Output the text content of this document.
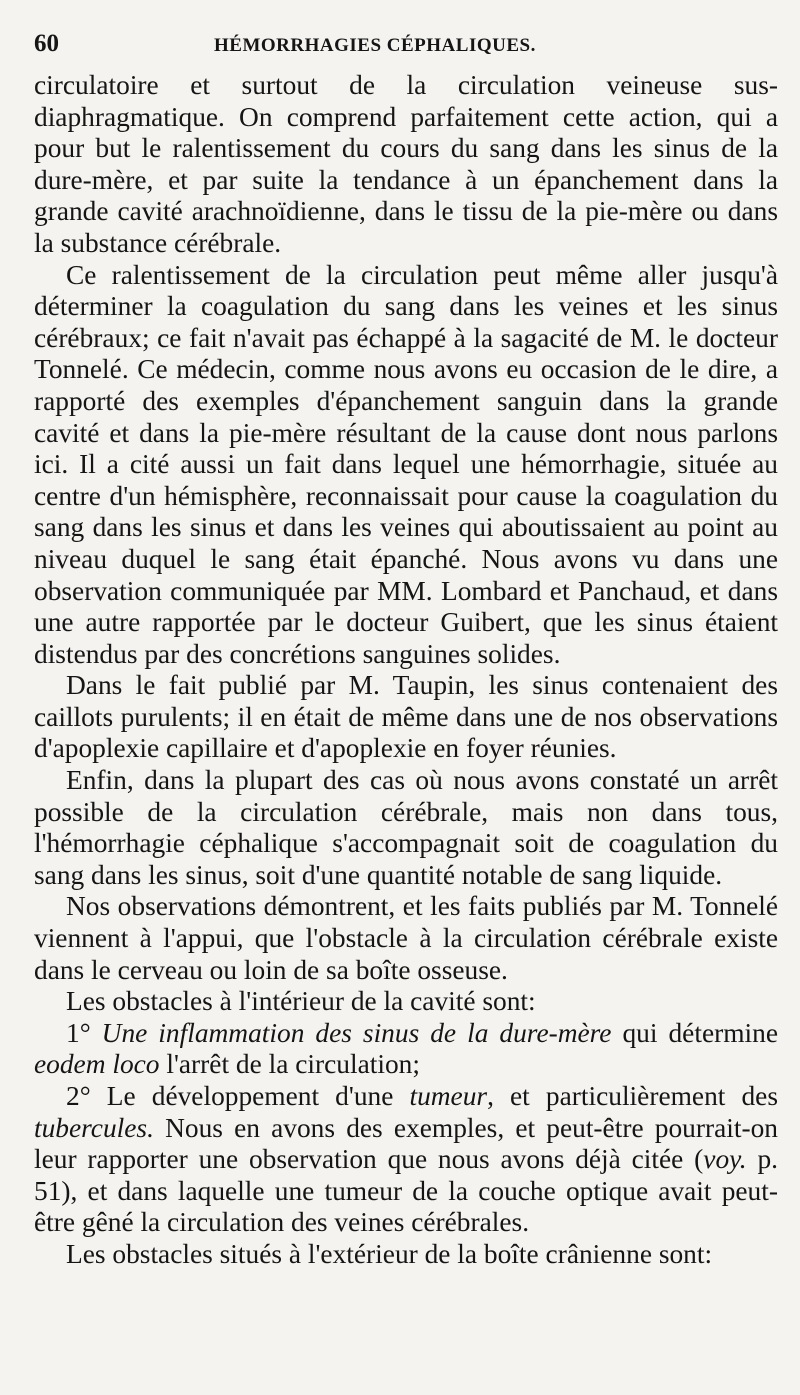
60	HÉMORRHAGIES CÉPHALIQUES.

circulatoire et surtout de la circulation veineuse sus-diaphragmatique. On comprend parfaitement cette action, qui a pour but le ralentissement du cours du sang dans les sinus de la dure-mère, et par suite la tendance à un épanchement dans la grande cavité arachnoïdienne, dans le tissu de la pie-mère ou dans la substance cérébrale.

Ce ralentissement de la circulation peut même aller jusqu'à déterminer la coagulation du sang dans les veines et les sinus cérébraux; ce fait n'avait pas échappé à la sagacité de M. le docteur Tonnelé. Ce médecin, comme nous avons eu occasion de le dire, a rapporté des exemples d'épanchement sanguin dans la grande cavité et dans la pie-mère résultant de la cause dont nous parlons ici. Il a cité aussi un fait dans lequel une hémorrhagie, située au centre d'un hémisphère, reconnaissait pour cause la coagulation du sang dans les sinus et dans les veines qui aboutissaient au point au niveau duquel le sang était épanché. Nous avons vu dans une observation communiquée par MM. Lombard et Panchaud, et dans une autre rapportée par le docteur Guibert, que les sinus étaient distendus par des concrétions sanguines solides.

Dans le fait publié par M. Taupin, les sinus contenaient des caillots purulents; il en était de même dans une de nos observations d'apoplexie capillaire et d'apoplexie en foyer réunies.

Enfin, dans la plupart des cas où nous avons constaté un arrêt possible de la circulation cérébrale, mais non dans tous, l'hémorrhagie céphalique s'accompagnait soit de coagulation du sang dans les sinus, soit d'une quantité notable de sang liquide.

Nos observations démontrent, et les faits publiés par M. Tonnelé viennent à l'appui, que l'obstacle à la circulation cérébrale existe dans le cerveau ou loin de sa boîte osseuse.

Les obstacles à l'intérieur de la cavité sont:

1° Une inflammation des sinus de la dure-mère qui détermine eodem loco l'arrêt de la circulation;

2° Le développement d'une tumeur, et particulièrement des tubercules. Nous en avons des exemples, et peut-être pourrait-on leur rapporter une observation que nous avons déjà citée (voy. p. 51), et dans laquelle une tumeur de la couche optique avait peut-être gêné la circulation des veines cérébrales.

Les obstacles situés à l'extérieur de la boîte crânienne sont:
